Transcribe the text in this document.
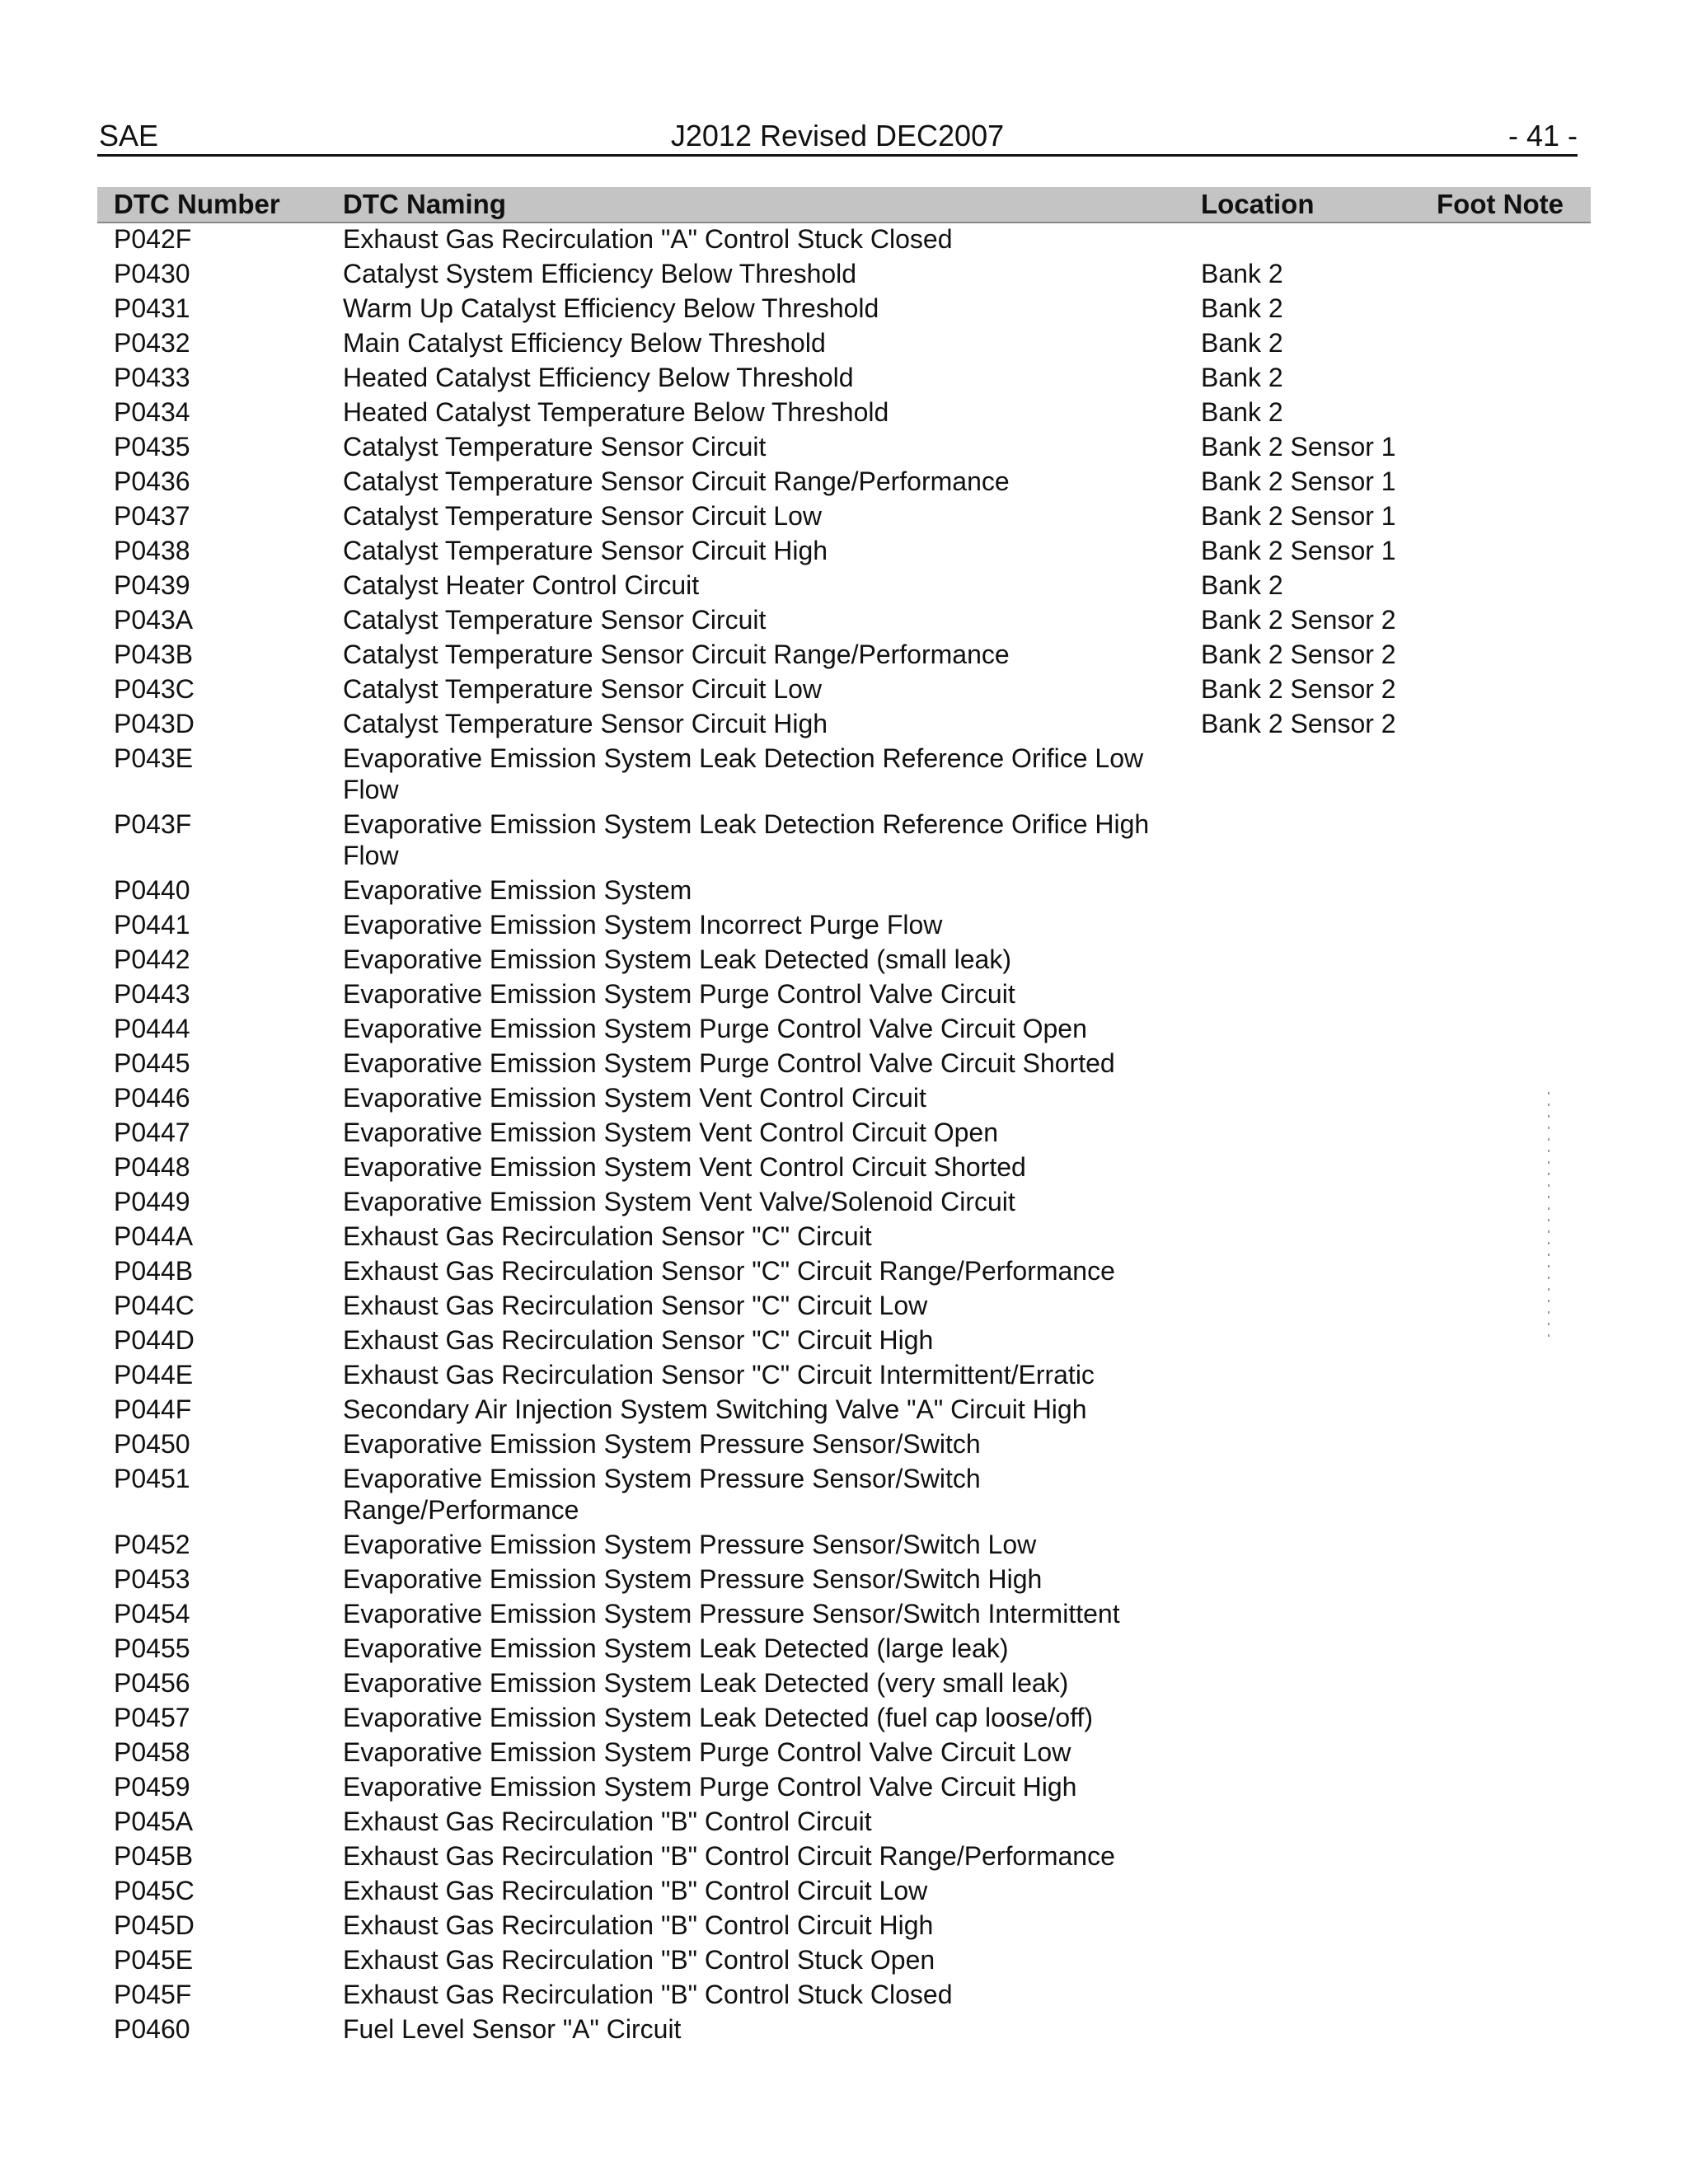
SAE	J2012 Revised DEC2007	- 41 -
DTC Number DTC Naming	Location	Foot Note
P042F	Exhaust Gas Recirculation "A" Control Stuck Closed
P0430	Catalyst System Efficiency Below Threshold	Bank 2
P0431	Warm Up Catalyst Efficiency Below Threshold	Bank 2
P0432	Main Catalyst Efficiency Below Threshold	Bank 2
P0433	Heated Catalyst Efficiency Below Threshold	Bank 2
P0434	Heated Catalyst Temperature Below Threshold	Bank 2
P0435	Catalyst Temperature Sensor Circuit	Bank 2 Sensor 1
P0436	Catalyst Temperature Sensor Circuit Range/Performance	Bank 2 Sensor 1
P0437	Catalyst Temperature Sensor Circuit Low	Bank 2 Sensor 1
P0438	Catalyst Temperature Sensor Circuit High	Bank 2 Sensor 1
P0439	Catalyst Heater Control Circuit	Bank 2
P043A	Catalyst Temperature Sensor Circuit	Bank 2 Sensor 2
P043B	Catalyst Temperature Sensor Circuit Range/Performance	Bank 2 Sensor 2
P043C	Catalyst Temperature Sensor Circuit Low	Bank 2 Sensor 2
P043D	Catalyst Temperature Sensor Circuit High	Bank 2 Sensor 2
P043E	Evaporative Emission System Leak Detection Reference Orifice Low Flow
P043F	Evaporative Emission System Leak Detection Reference Orifice High Flow
P0440	Evaporative Emission System
P0441	Evaporative Emission System Incorrect Purge Flow
P0442	Evaporative Emission System Leak Detected (small leak)
P0443	Evaporative Emission System Purge Control Valve Circuit
P0444	Evaporative Emission System Purge Control Valve Circuit Open
P0445	Evaporative Emission System Purge Control Valve Circuit Shorted
P0446	Evaporative Emission System Vent Control Circuit
P0447	Evaporative Emission System Vent Control Circuit Open
P0448	Evaporative Emission System Vent Control Circuit Shorted
P0449	Evaporative Emission System Vent Valve/Solenoid Circuit
P044A	Exhaust Gas Recirculation Sensor "C" Circuit
P044B	Exhaust Gas Recirculation Sensor "C" Circuit Range/Performance
P044C	Exhaust Gas Recirculation Sensor "C" Circuit Low
P044D	Exhaust Gas Recirculation Sensor "C" Circuit High
P044E	Exhaust Gas Recirculation Sensor "C" Circuit Intermittent/Erratic
P044F	Secondary Air Injection System Switching Valve "A" Circuit High
P0450	Evaporative Emission System Pressure Sensor/Switch
P0451	Evaporative Emission System Pressure Sensor/Switch Range/Performance
P0452	Evaporative Emission System Pressure Sensor/Switch Low
P0453	Evaporative Emission System Pressure Sensor/Switch High
P0454	Evaporative Emission System Pressure Sensor/Switch Intermittent
P0455	Evaporative Emission System Leak Detected (large leak)
P0456	Evaporative Emission System Leak Detected (very small leak)
P0457	Evaporative Emission System Leak Detected (fuel cap loose/off)
P0458	Evaporative Emission System Purge Control Valve Circuit Low
P0459	Evaporative Emission System Purge Control Valve Circuit High
P045A	Exhaust Gas Recirculation "B" Control Circuit
P045B	Exhaust Gas Recirculation "B" Control Circuit Range/Performance
P045C	Exhaust Gas Recirculation "B" Control Circuit Low
P045D	Exhaust Gas Recirculation "B" Control Circuit High
P045E	Exhaust Gas Recirculation "B" Control Stuck Open
P045F	Exhaust Gas Recirculation "B" Control Stuck Closed
P0460	Fuel Level Sensor "A" Circuit
